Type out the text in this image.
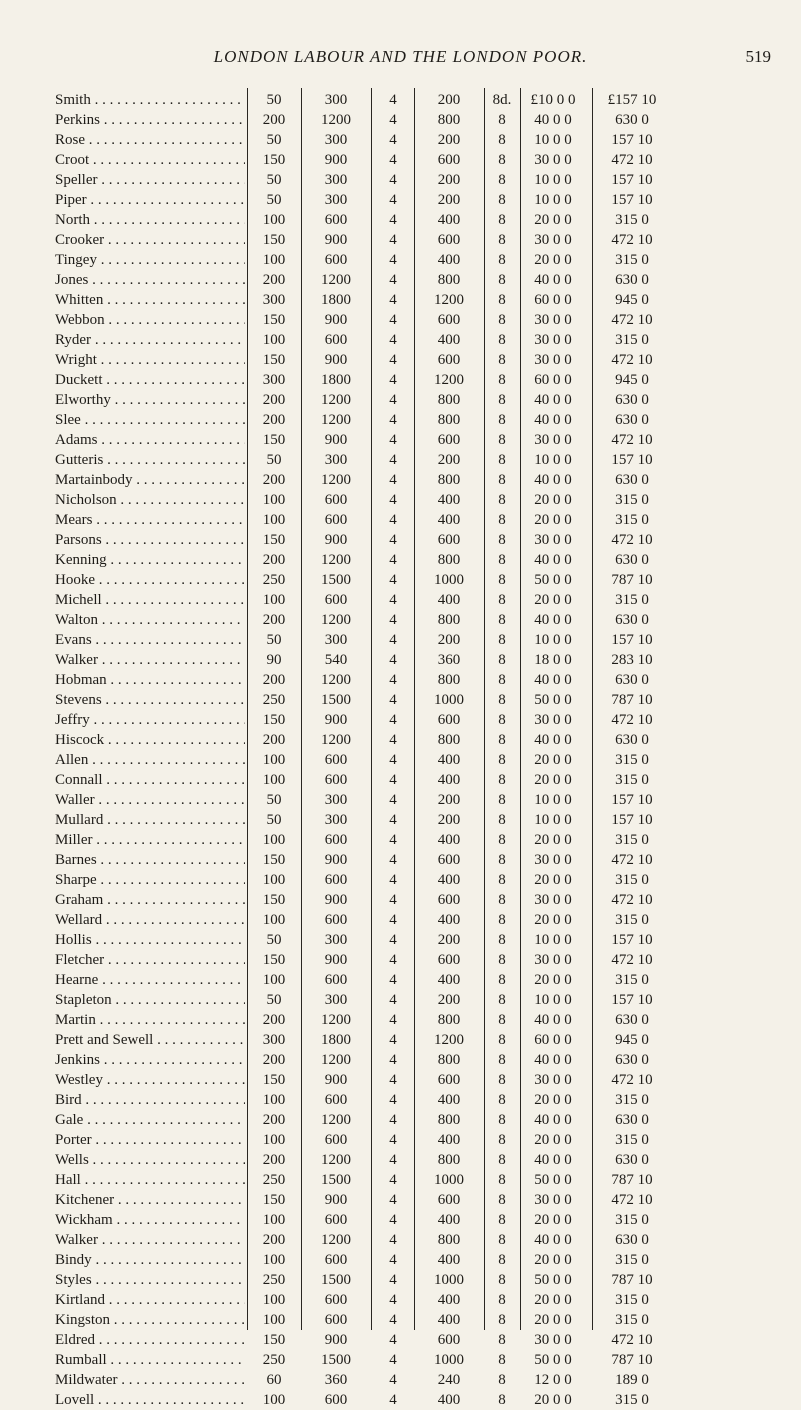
LONDON LABOUR AND THE LONDON POOR.	519
Smith . . .	50	300	4	200	8d.	£10 0 0	£157 10
Perkins . . .	200	1200	4	800	8	40 0 0	630 0
Rose . . .	50	300	4	200	8	10 0 0	157 10
Croot . . .	150	900	4	600	8	30 0 0	472 10
Speller . . .	50	300	4	200	8	10 0 0	157 10
Piper . . .	50	300	4	200	8	10 0 0	157 10
North . . .	100	600	4	400	8	20 0 0	315 0
Crooker . . .	150	900	4	600	8	30 0 0	472 10
Tingey . . .	100	600	4	400	8	20 0 0	315 0
Jones . . .	200	1200	4	800	8	40 0 0	630 0
Whitten . . .	300	1800	4	1200	8	60 0 0	945 0
Webbon . . .	150	900	4	600	8	30 0 0	472 10
Ryder . . .	100	600	4	400	8	30 0 0	315 0
Wright . . .	150	900	4	600	8	30 0 0	472 10
Duckett . . .	300	1800	4	1200	8	60 0 0	945 0
Elworthy . . .	200	1200	4	800	8	40 0 0	630 0
Slee . . .	200	1200	4	800	8	40 0 0	630 0
Adams . . .	150	900	4	600	8	30 0 0	472 10
Gutteris . . .	50	300	4	200	8	10 0 0	157 10
Martainbody . . .	200	1200	4	800	8	40 0 0	630 0
Nicholson . . .	100	600	4	400	8	20 0 0	315 0
Mears . . .	100	600	4	400	8	20 0 0	315 0
Parsons . . .	150	900	4	600	8	30 0 0	472 10
Kenning . . .	200	1200	4	800	8	40 0 0	630 0
Hooke . . .	250	1500	4	1000	8	50 0 0	787 10
Michell . . .	100	600	4	400	8	20 0 0	315 0
Walton . . .	200	1200	4	800	8	40 0 0	630 0
Evans . . .	50	300	4	200	8	10 0 0	157 10
Walker . . .	90	540	4	360	8	18 0 0	283 10
Hobman . . .	200	1200	4	800	8	40 0 0	630 0
Stevens . . .	250	1500	4	1000	8	50 0 0	787 10
Jeffry . . .	150	900	4	600	8	30 0 0	472 10
Hiscock . . .	200	1200	4	800	8	40 0 0	630 0
Allen . . .	100	600	4	400	8	20 0 0	315 0
Connall . . .	100	600	4	400	8	20 0 0	315 0
Waller . . .	50	300	4	200	8	10 0 0	157 10
Mullard . . .	50	300	4	200	8	10 0 0	157 10
Miller . . .	100	600	4	400	8	20 0 0	315 0
Barnes . . .	150	900	4	600	8	30 0 0	472 10
Sharpe . . .	100	600	4	400	8	20 0 0	315 0
Graham . . .	150	900	4	600	8	30 0 0	472 10
Wellard . . .	100	600	4	400	8	20 0 0	315 0
Hollis . . .	50	300	4	200	8	10 0 0	157 10
Fletcher . . .	150	900	4	600	8	30 0 0	472 10
Hearne . . .	100	600	4	400	8	20 0 0	315 0
Stapleton . . .	50	300	4	200	8	10 0 0	157 10
Martin . . .	200	1200	4	800	8	40 0 0	630 0
Prett and Sewell . . .	300	1800	4	1200	8	60 0 0	945 0
Jenkins . . .	200	1200	4	800	8	40 0 0	630 0
Westley . . .	150	900	4	600	8	30 0 0	472 10
Bird . . .	100	600	4	400	8	20 0 0	315 0
Gale . . .	200	1200	4	800	8	40 0 0	630 0
Porter . . .	100	600	4	400	8	20 0 0	315 0
Wells . . .	200	1200	4	800	8	40 0 0	630 0
Hall . . .	250	1500	4	1000	8	50 0 0	787 10
Kitchener . . .	150	900	4	600	8	30 0 0	472 10
Wickham . . .	100	600	4	400	8	20 0 0	315 0
Walker . . .	200	1200	4	800	8	40 0 0	630 0
Bindy . . .	100	600	4	400	8	20 0 0	315 0
Styles . . .	250	1500	4	1000	8	50 0 0	787 10
Kirtland . . .	100	600	4	400	8	20 0 0	315 0
Kingston . . .	100	600	4	400	8	20 0 0	315 0
Eldred . . .	150	900	4	600	8	30 0 0	472 10
Rumball . . .	250	1500	4	1000	8	50 0 0	787 10
Mildwater . . .	60	360	4	240	8	12 0 0	189 0
Lovell . . .	100	600	4	400	8	20 0 0	315 0
